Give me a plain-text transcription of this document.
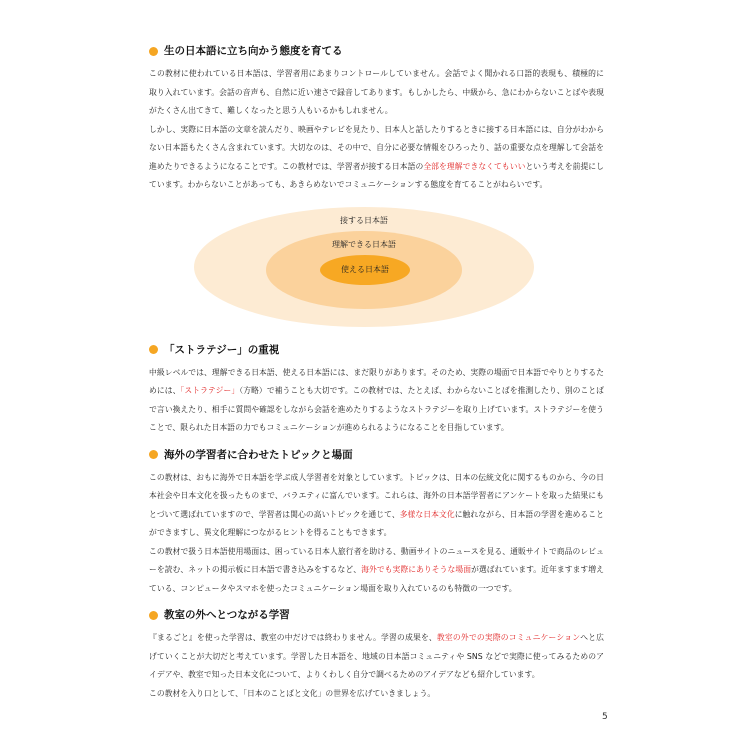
生の日本語に立ち向かう態度を育てる

この教材に使われている日本語は、学習者用にあまりコントロールしていません。会話でよく聞かれる口語的表現も、積極的に取り入れています。会話の音声も、自然に近い速さで録音してあります。もしかしたら、中級から、急にわからないことばや表現がたくさん出てきて、難しくなったと思う人もいるかもしれません。

しかし、実際に日本語の文章を読んだり、映画やテレビを見たり、日本人と話したりするときに接する日本語には、自分がわからない日本語もたくさん含まれています。大切なのは、その中で、自分に必要な情報をひろったり、話の重要な点を理解して会話を進めたりできるようになることです。この教材では、学習者が接する日本語の全部を理解できなくてもいいという考えを前提にしています。わからないことがあっても、あきらめないでコミュニケーションする態度を育てることがねらいです。

接する日本語
理解できる日本語
使える日本語
「ストラテジー」の重視

中級レベルでは、理解できる日本語、使える日本語には、まだ限りがあります。そのため、実際の場面で日本語でやりとりするためには、「ストラテジー」（方略）で補うことも大切です。この教材では、たとえば、わからないことばを推測したり、別のことばで言い換えたり、相手に質問や確認をしながら会話を進めたりするようなストラテジーを取り上げています。ストラテジーを使うことで、限られた日本語の力でもコミュニケーションが進められるようになることを目指しています。

海外の学習者に合わせたトピックと場面

この教材は、おもに海外で日本語を学ぶ成人学習者を対象としています。トピックは、日本の伝統文化に関するものから、今の日本社会や日本文化を扱ったものまで、バラエティに富んでいます。これらは、海外の日本語学習者にアンケートを取った結果にもとづいて選ばれていますので、学習者は関心の高いトピックを通じて、多様な日本文化に触れながら、日本語の学習を進めることができますし、異文化理解につながるヒントを得ることもできます。

この教材で扱う日本語使用場面は、困っている日本人旅行者を助ける、動画サイトのニュースを見る、通販サイトで商品のレビューを読む、ネットの掲示板に日本語で書き込みをするなど、海外でも実際にありそうな場面が選ばれています。近年ますます増えている、コンピュータやスマホを使ったコミュニケーション場面を取り入れているのも特徴の一つです。

教室の外へとつながる学習

『まるごと』を使った学習は、教室の中だけでは終わりません。学習の成果を、教室の外での実際のコミュニケーションへと広げていくことが大切だと考えています。学習した日本語を、地域の日本語コミュニティや SNS などで実際に使ってみるためのアイデアや、教室で知った日本文化について、よりくわしく自分で調べるためのアイデアなども紹介しています。

この教材を入り口として、「日本のことばと文化」の世界を広げていきましょう。

5
